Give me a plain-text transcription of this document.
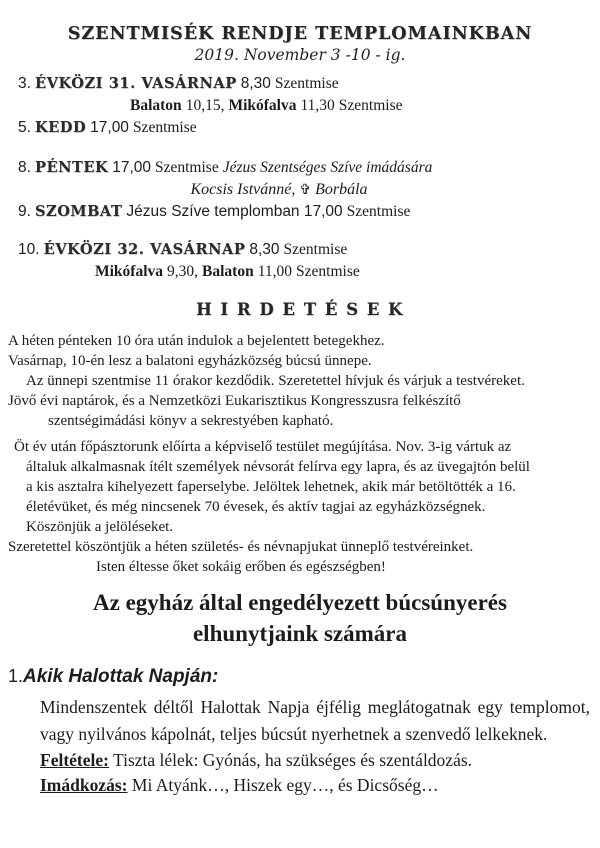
SZENTMISÉK RENDJE TEMPLOMAINKBAN
2019. November 3 -10 - ig.
3. ÉVKÖZI 31. VASÁRNAP 8,30 Szentmise
Balaton 10,15, Mikófalva 11,30 Szentmise
5. KEDD 17,00 Szentmise
8. PÉNTEK 17,00 Szentmise Jézus Szentséges Szíve imádására
Kocsis Istvánné, ✞ Borbála
9. SZOMBAT Jézus Szíve templomban 17,00 Szentmise
10. ÉVKÖZI 32. VASÁRNAP 8,30 Szentmise
Mikófalva 9,30, Balaton 11,00 Szentmise
H I R D E T É S E K
A héten pénteken 10 óra után indulok a bejelentett betegekhez.
Vasárnap, 10-én lesz a balatoni egyházközség búcsú ünnepe.
Az ünnepi szentmise 11 órakor kezdődik. Szeretettel hívjuk és várjuk a testvéreket.
Jövő évi naptárok, és a Nemzetközi Eukarisztikus Kongresszusra felkészítő
szentségimádási könyv a sekrestyében kapható.
Öt év után főpásztorunk előírta a képviselő testület megújítása. Nov. 3-ig vártuk az
általuk alkalmasnak ítélt személyek névsorát felírva egy lapra, és az üvegajtón belül
a kis asztalra kihelyezett faperselybe. Jelöltek lehetnek, akik már betöltötték a 16.
életévüket, és még nincsenek 70 évesek, és aktív tagjai az egyházközségnek.
Köszönjük a jelöléseket.
Szeretettel köszöntjük a héten születés- és névnapjukat ünneplő testvéreinket.
Isten éltesse őket sokáig erőben és egészségben!
Az egyház által engedélyezett búcsúnyerés
elhunytjaink számára
1.Akik Halottak Napján:
Mindenszentek déltől Halottak Napja éjfélig meglátogatnak egy templomot, vagy nyilvános kápolnát, teljes búcsút nyerhetnek a szenvedő lelkeknek.
Feltétele: Tiszta lélek: Gyónás, ha szükséges és szentáldozás.
Imádkozás: Mi Atyánk…, Hiszek egy…, és Dicsőség…
